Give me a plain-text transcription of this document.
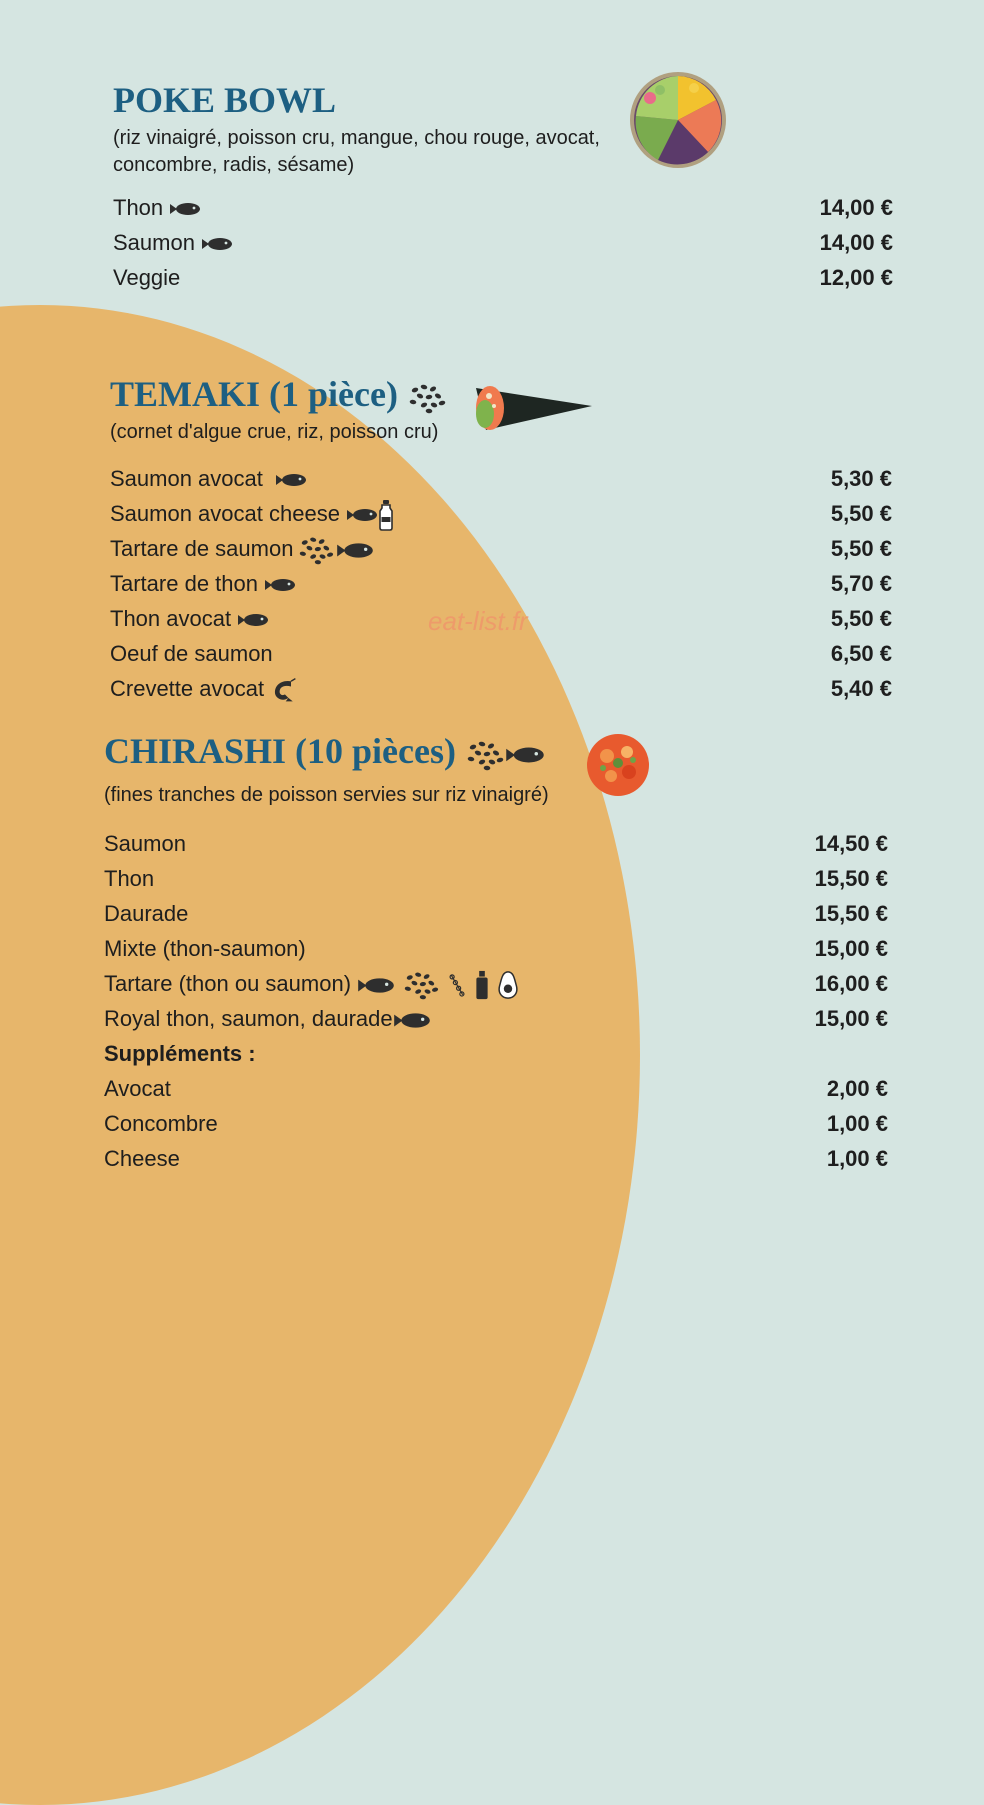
POKE BOWL
(riz vinaigré, poisson cru, mangue, chou rouge, avocat,
concombre, radis, sésame)
Thon	14,00 €
Saumon	14,00 €
Veggie	12,00 €
TEMAKI (1 pièce)
(cornet d'algue crue, riz, poisson cru)
Saumon avocat	5,30 €
Saumon avocat cheese	5,50 €
Tartare de saumon	5,50 €
Tartare de thon	5,70 €
Thon avocat	5,50 €
Oeuf de saumon	6,50 €
Crevette avocat	5,40 €
eat-list.fr
CHIRASHI (10 pièces)
(fines tranches de poisson servies sur riz vinaigré)
Saumon	14,50 €
Thon	15,50 €
Daurade	15,50 €
Mixte (thon-saumon)	15,00 €
Tartare (thon ou saumon)	16,00 €
Royal thon, saumon, daurade	15,00 €
Suppléments :
Avocat	2,00 €
Concombre	1,00 €
Cheese	1,00 €
